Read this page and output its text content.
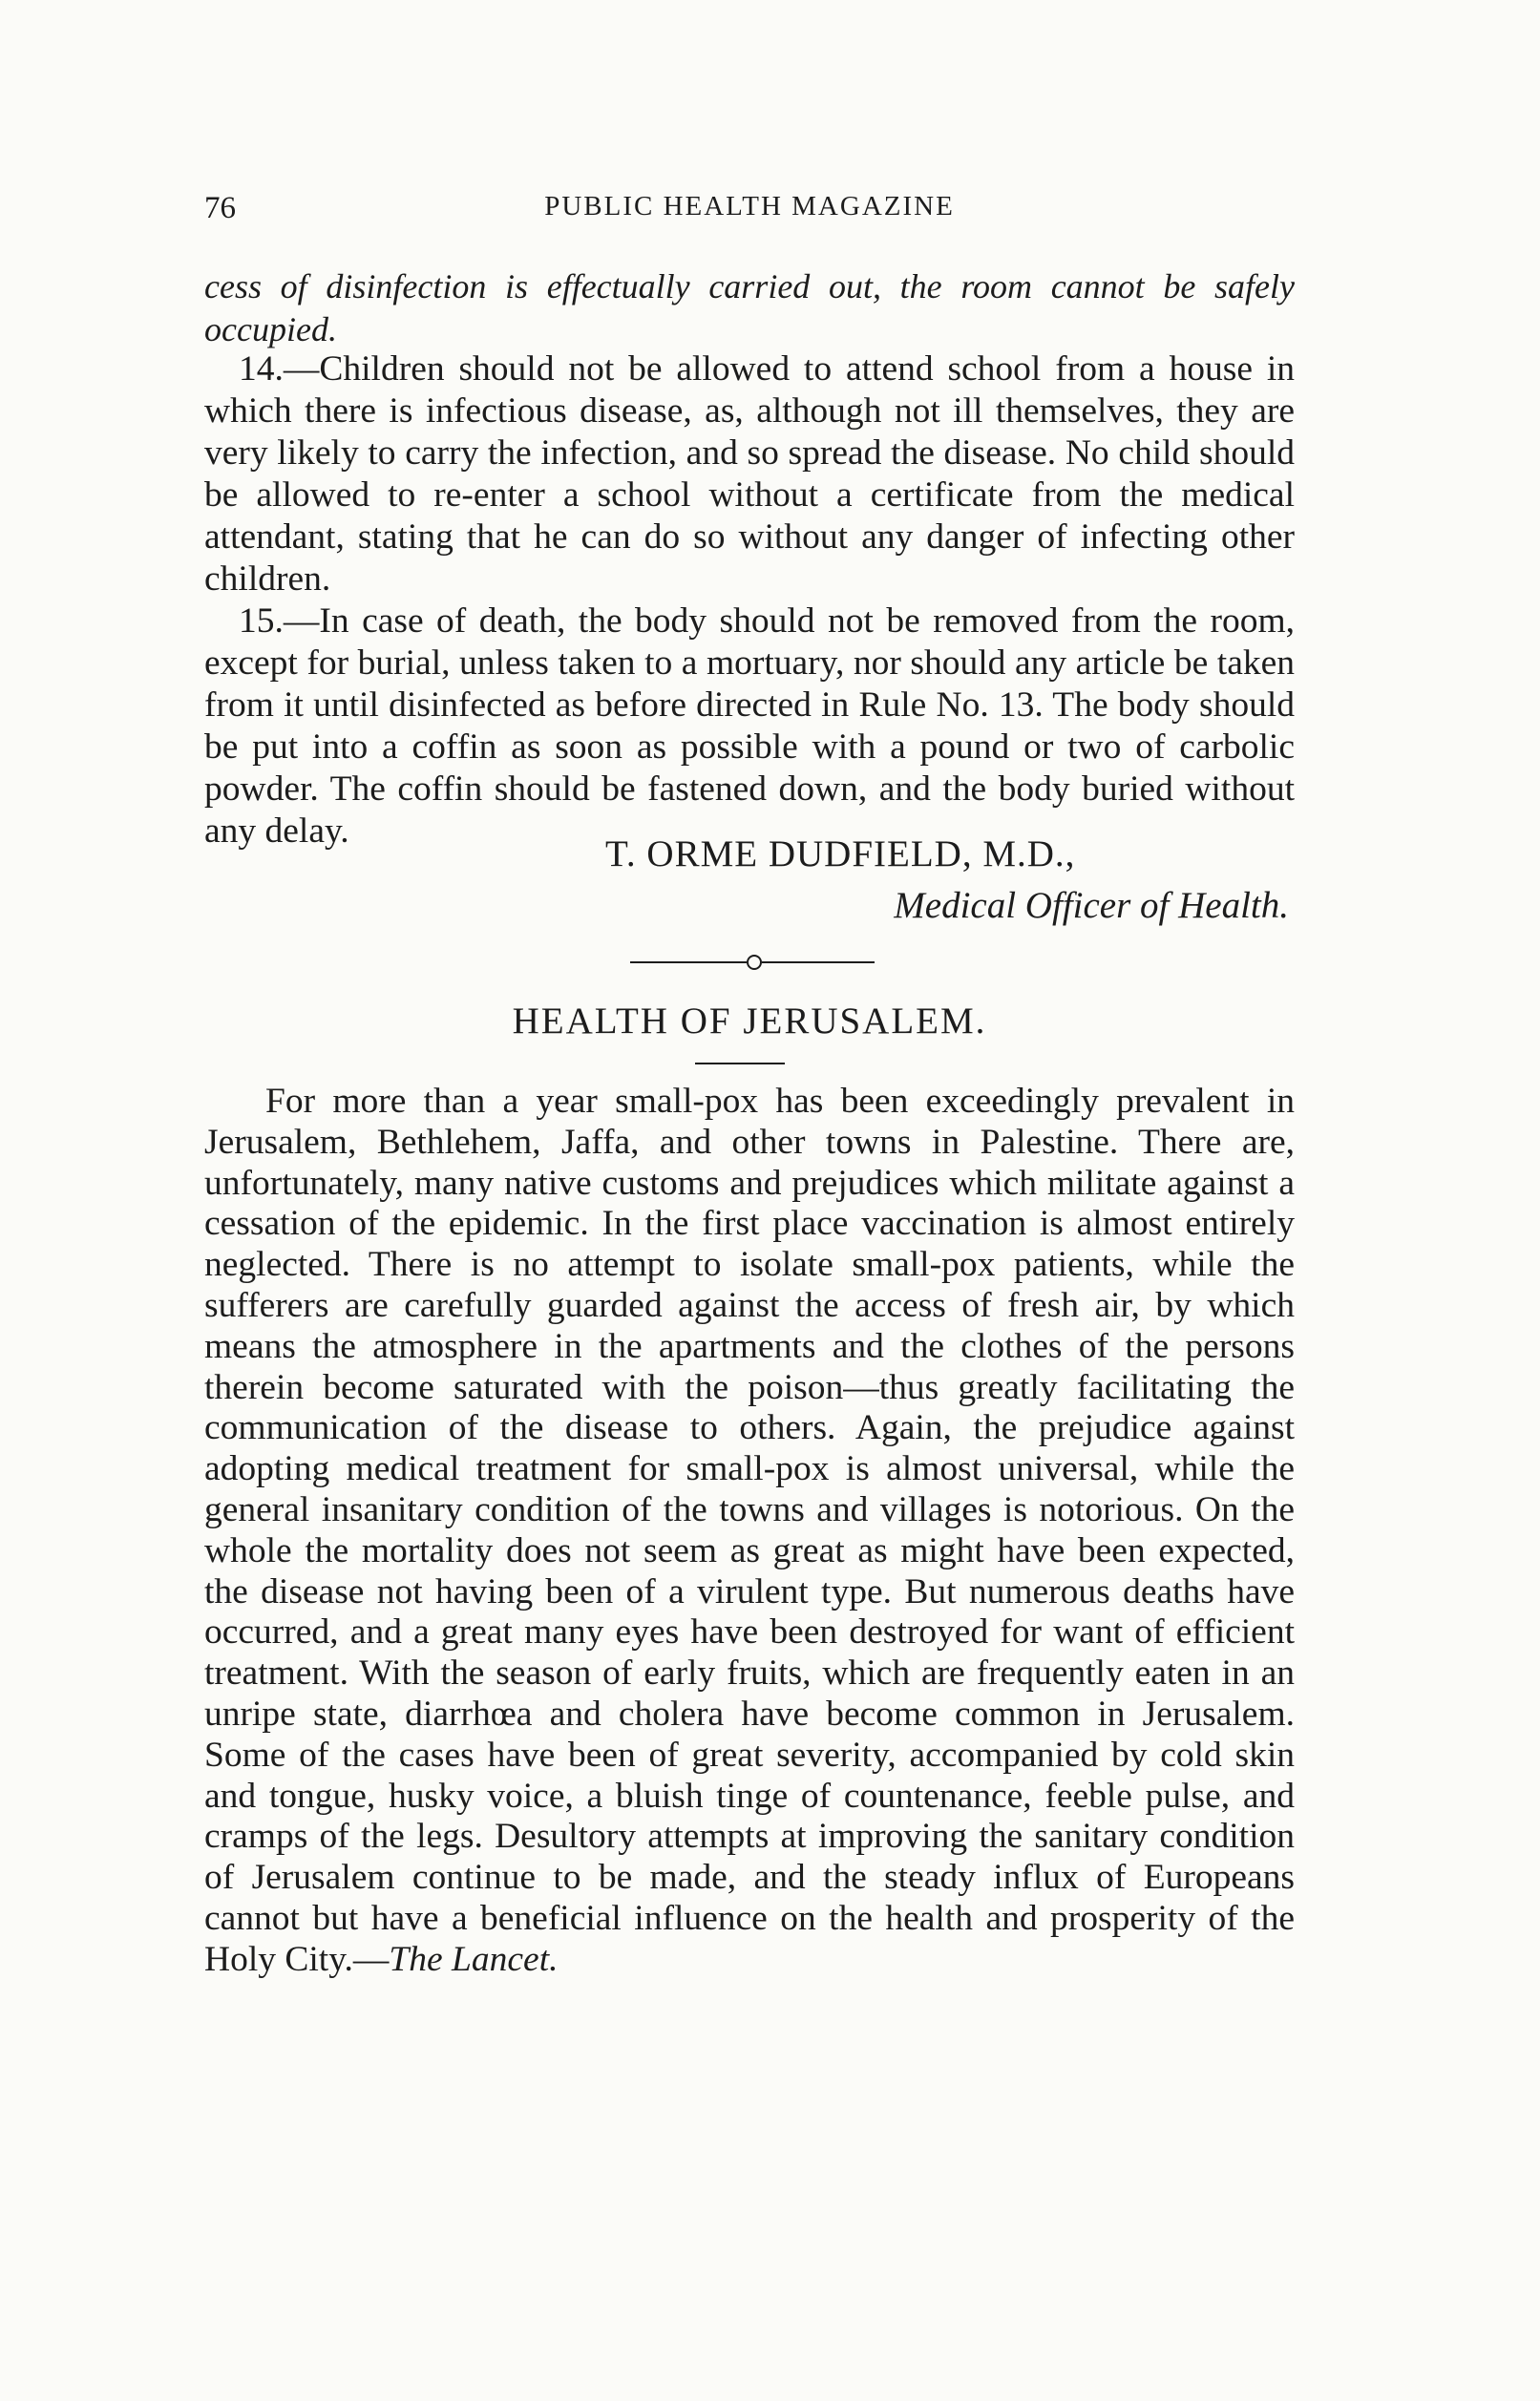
76	PUBLIC HEALTH MAGAZINE

cess of disinfection is effectually carried out, the room cannot be safely occupied.

14.—Children should not be allowed to attend school from a house in which there is infectious disease, as, although not ill themselves, they are very likely to carry the infection, and so spread the disease. No child should be allowed to re-enter a school without a certificate from the medical attendant, stating that he can do so without any danger of infecting other children.

15.—In case of death, the body should not be removed from the room, except for burial, unless taken to a mortuary, nor should any article be taken from it until disinfected as before directed in Rule No. 13. The body should be put into a coffin as soon as possible with a pound or two of carbolic powder. The coffin should be fastened down, and the body buried without any delay.

T. ORME DUDFIELD, M.D.,
Medical Officer of Health.
HEALTH OF JERUSALEM.

For more than a year small-pox has been exceedingly prevalent in Jerusalem, Bethlehem, Jaffa, and other towns in Palestine. There are, unfortunately, many native customs and prejudices which militate against a cessation of the epidemic. In the first place vaccination is almost entirely neglected. There is no attempt to isolate small-pox patients, while the sufferers are carefully guarded against the access of fresh air, by which means the atmosphere in the apartments and the clothes of the persons therein become saturated with the poison—thus greatly facilitating the communication of the disease to others. Again, the prejudice against adopting medical treatment for small-pox is almost universal, while the general insanitary condition of the towns and villages is notorious. On the whole the mortality does not seem as great as might have been expected, the disease not having been of a virulent type. But numerous deaths have occurred, and a great many eyes have been destroyed for want of efficient treatment. With the season of early fruits, which are frequently eaten in an unripe state, diarrhœa and cholera have become common in Jerusalem. Some of the cases have been of great severity, accompanied by cold skin and tongue, husky voice, a bluish tinge of countenance, feeble pulse, and cramps of the legs. Desultory attempts at improving the sanitary condition of Jerusalem continue to be made, and the steady influx of Europeans cannot but have a beneficial influence on the health and prosperity of the Holy City.—The Lancet.
